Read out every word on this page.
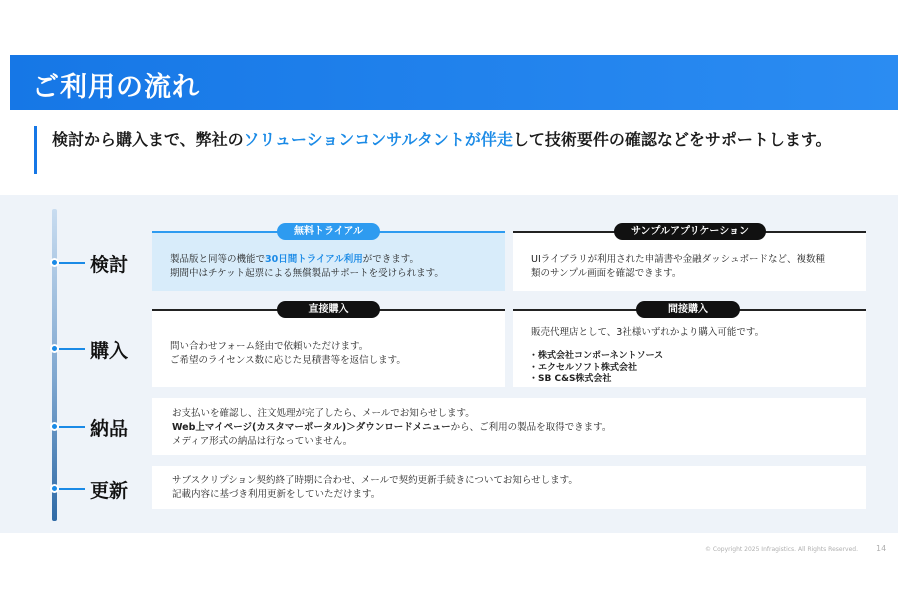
ご利用の流れ
検討から購入まで、弊社のソリューションコンサルタントが伴走して技術要件の確認などをサポートします。
検討
購入
納品
更新
製品版と同等の機能で30日間トライアル利用ができます。
期間中はチケット起票による無償製品サポートを受けられます。
無料トライアル
UIライブラリが利用された申請書や金融ダッシュボードなど、複数種
類のサンプル画面を確認できます。
サンプルアプリケーション
問い合わせフォーム経由で依頼いただけます。
ご希望のライセンス数に応じた見積書等を返信します。
直接購入
販売代理店として、3社様いずれかより購入可能です。
・ 株式会社コンポーネントソース
・ エクセルソフト株式会社
・ SB C&S株式会社
間接購入
お支払いを確認し、注文処理が完了したら、メールでお知らせします。
Web上マイページ(カスタマーポータル)＞ダウンロードメニューから、ご利用の製品を取得できます。
メディア形式の納品は行なっていません。
サブスクリプション契約終了時期に合わせ、メールで契約更新手続きについてお知らせします。
記載内容に基づき利用更新をしていただけます。
© Copyright 2025 Infragistics. All Rights Reserved. 14
